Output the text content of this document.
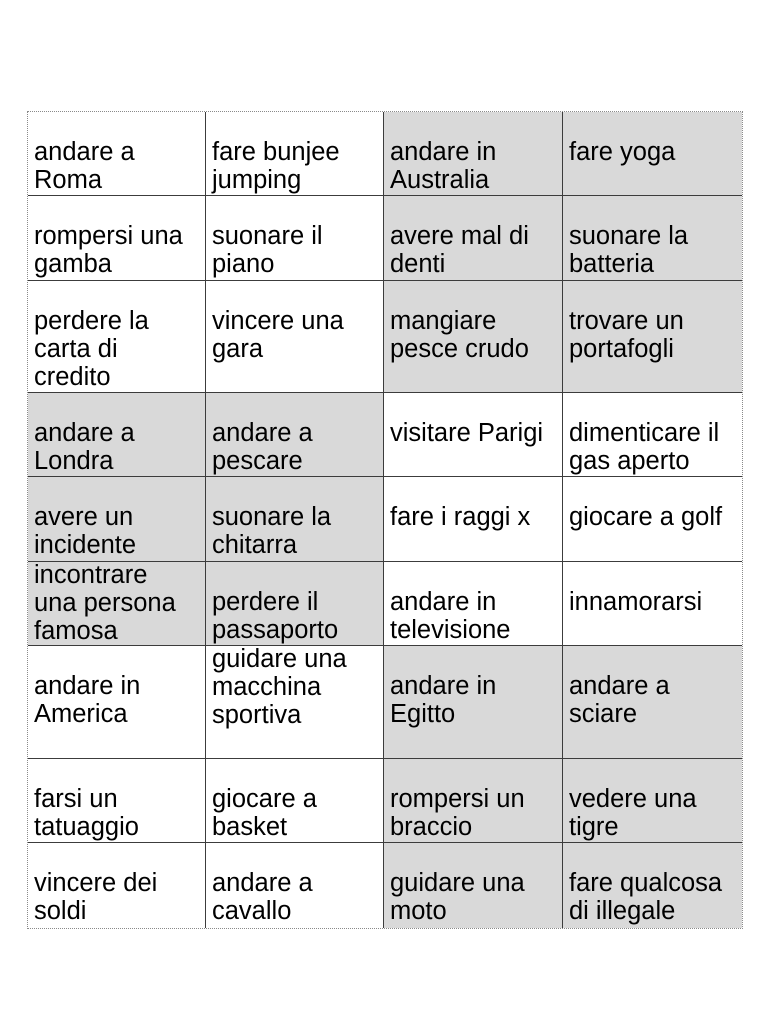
andare a Roma
fare bunjee jumping
andare in Australia
fare yoga
rompersi una gamba
suonare il piano
avere mal di denti
suonare la batteria
perdere la carta di credito
vincere una gara
mangiare pesce crudo
trovare un portafogli
andare a Londra
andare a pescare
visitare Parigi	dimenticare il gas aperto
avere un incidente
suonare la chitarra
fare i raggi x	giocare a golf
incontrare una persona famosa
perdere il passaporto
andare in televisione
innamorarsi
andare in America
guidare una macchina sportiva
andare in Egitto
andare a sciare
farsi un tatuaggio
giocare a basket
rompersi un braccio
vedere una tigre
vincere dei soldi
andare a cavallo
guidare una moto
fare qualcosa di illegale
